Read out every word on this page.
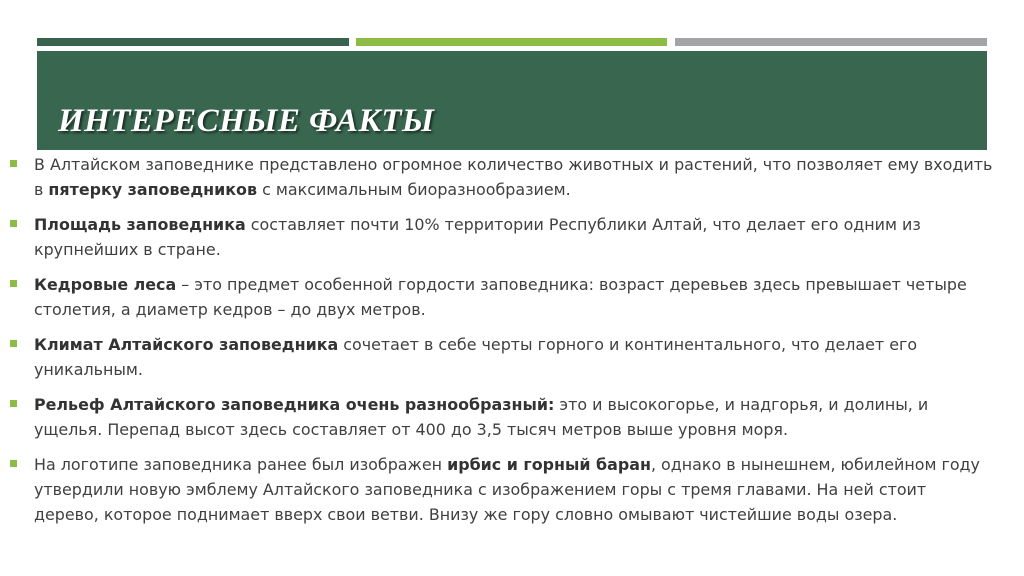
ИНТЕРЕСНЫЕ ФАКТЫ
В Алтайском заповеднике представлено огромное количество животных и растений, что позволяет ему входить в пятерку заповедников с максимальным биоразнообразием.
Площадь заповедника составляет почти 10% территории Республики Алтай, что делает его одним из крупнейших в стране.
Кедровые леса – это предмет особенной гордости заповедника: возраст деревьев здесь превышает четыре столетия, а диаметр кедров – до двух метров.
Климат Алтайского заповедника сочетает в себе черты горного и континентального, что делает его уникальным.
Рельеф Алтайского заповедника очень разнообразный: это и высокогорье, и надгорья, и долины, и ущелья. Перепад высот здесь составляет от 400 до 3,5 тысяч метров выше уровня моря.
На логотипе заповедника ранее был изображен ирбис и горный баран, однако в нынешнем, юбилейном году утвердили новую эмблему Алтайского заповедника с изображением горы с тремя главами. На ней стоит дерево, которое поднимает вверх свои ветви. Внизу же гору словно омывают чистейшие воды озера.
